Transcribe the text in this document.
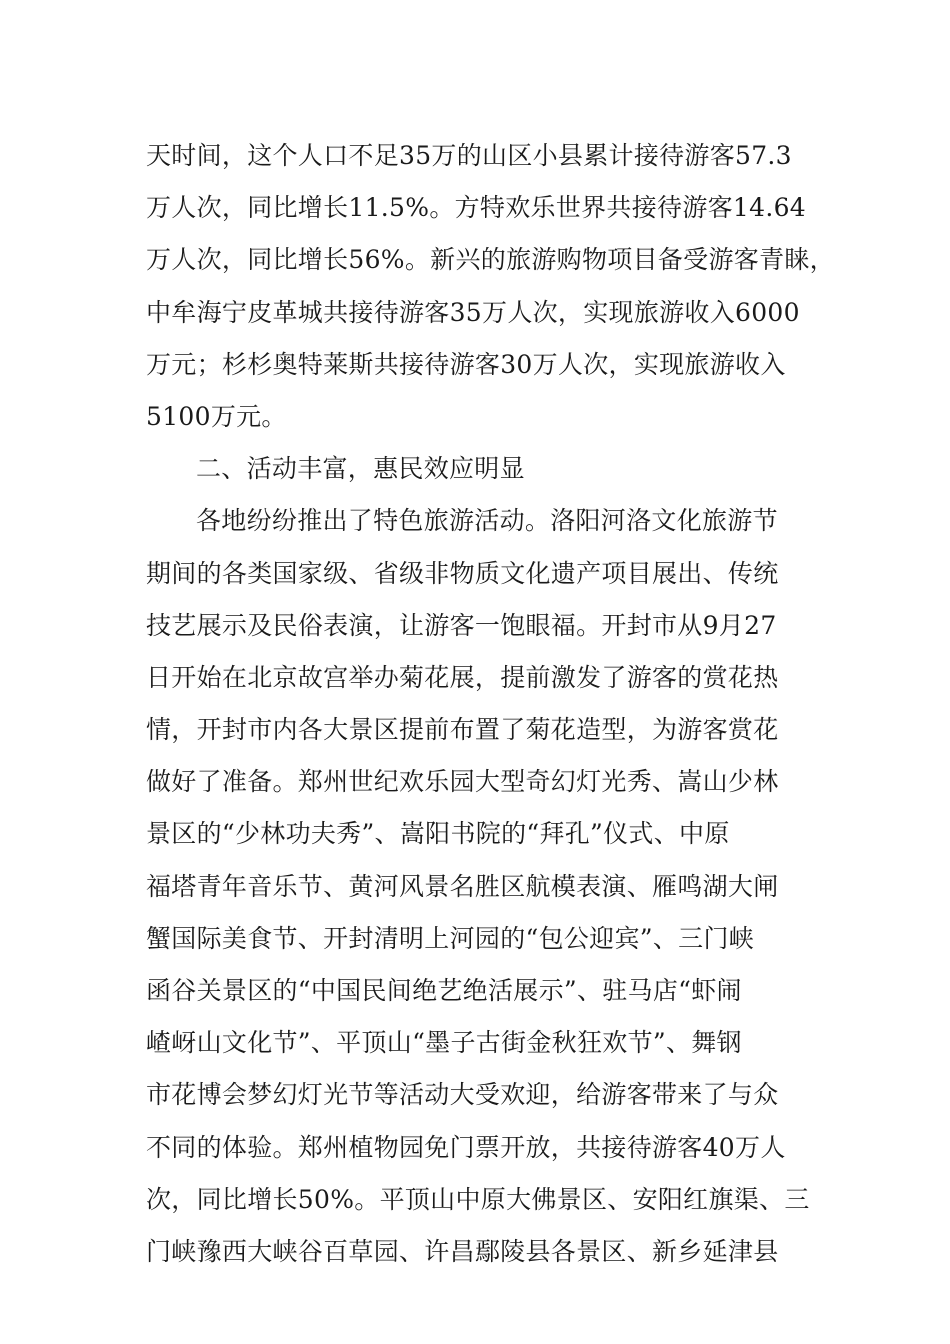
天时间，这个人口不足35万的山区小县累计接待游客57.3
万人次，同比增长11.5%。方特欢乐世界共接待游客14.64
万人次，同比增长56%。新兴的旅游购物项目备受游客青睐，
中牟海宁皮革城共接待游客35万人次，实现旅游收入6000
万元；杉杉奥特莱斯共接待游客30万人次，实现旅游收入
5100万元。
二、活动丰富，惠民效应明显
各地纷纷推出了特色旅游活动。洛阳河洛文化旅游节
期间的各类国家级、省级非物质文化遗产项目展出、传统
技艺展示及民俗表演，让游客一饱眼福。开封市从9月27
日开始在北京故宫举办菊花展，提前激发了游客的赏花热
情，开封市内各大景区提前布置了菊花造型，为游客赏花
做好了准备。郑州世纪欢乐园大型奇幻灯光秀、嵩山少林
景区的“少林功夫秀”、嵩阳书院的“拜孔”仪式、中原
福塔青年音乐节、黄河风景名胜区航模表演、雁鸣湖大闸
蟹国际美食节、开封清明上河园的“包公迎宾”、三门峡
函谷关景区的“中国民间绝艺绝活展示”、驻马店“虾闹
嵖岈山文化节”、平顶山“墨子古街金秋狂欢节”、舞钢
市花博会梦幻灯光节等活动大受欢迎，给游客带来了与众
不同的体验。郑州植物园免门票开放，共接待游客40万人
次，同比增长50%。平顶山中原大佛景区、安阳红旗渠、三
门峡豫西大峡谷百草园、许昌鄢陵县各景区、新乡延津县
